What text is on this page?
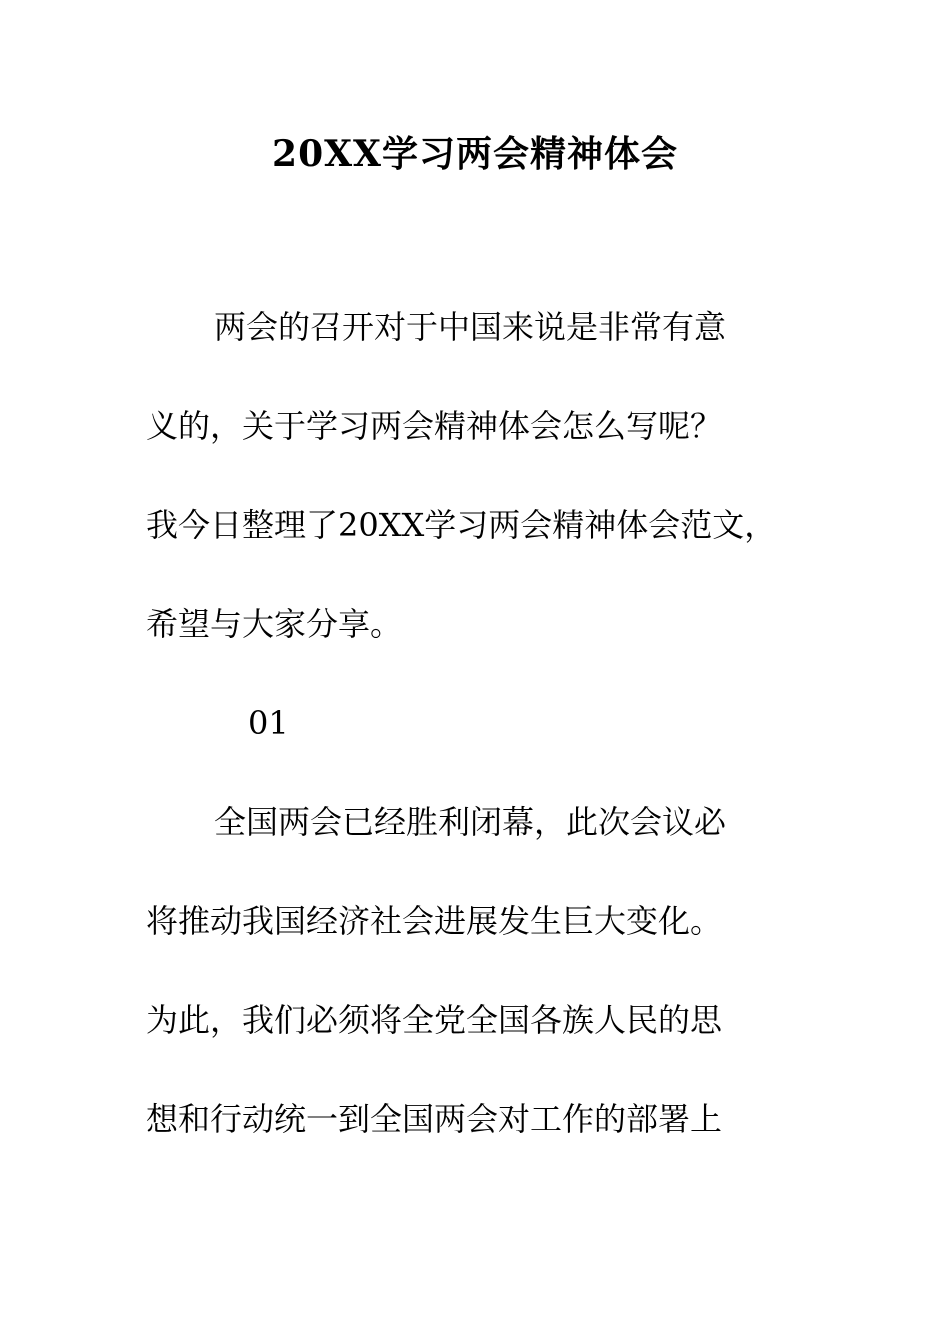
20XX学习两会精神体会
两会的召开对于中国来说是非常有意
义的，关于学习两会精神体会怎么写呢？
我今日整理了20XX学习两会精神体会范文，
希望与大家分享。
01
全国两会已经胜利闭幕，此次会议必
将推动我国经济社会进展发生巨大变化。
为此，我们必须将全党全国各族人民的思
想和行动统一到全国两会对工作的部署上
